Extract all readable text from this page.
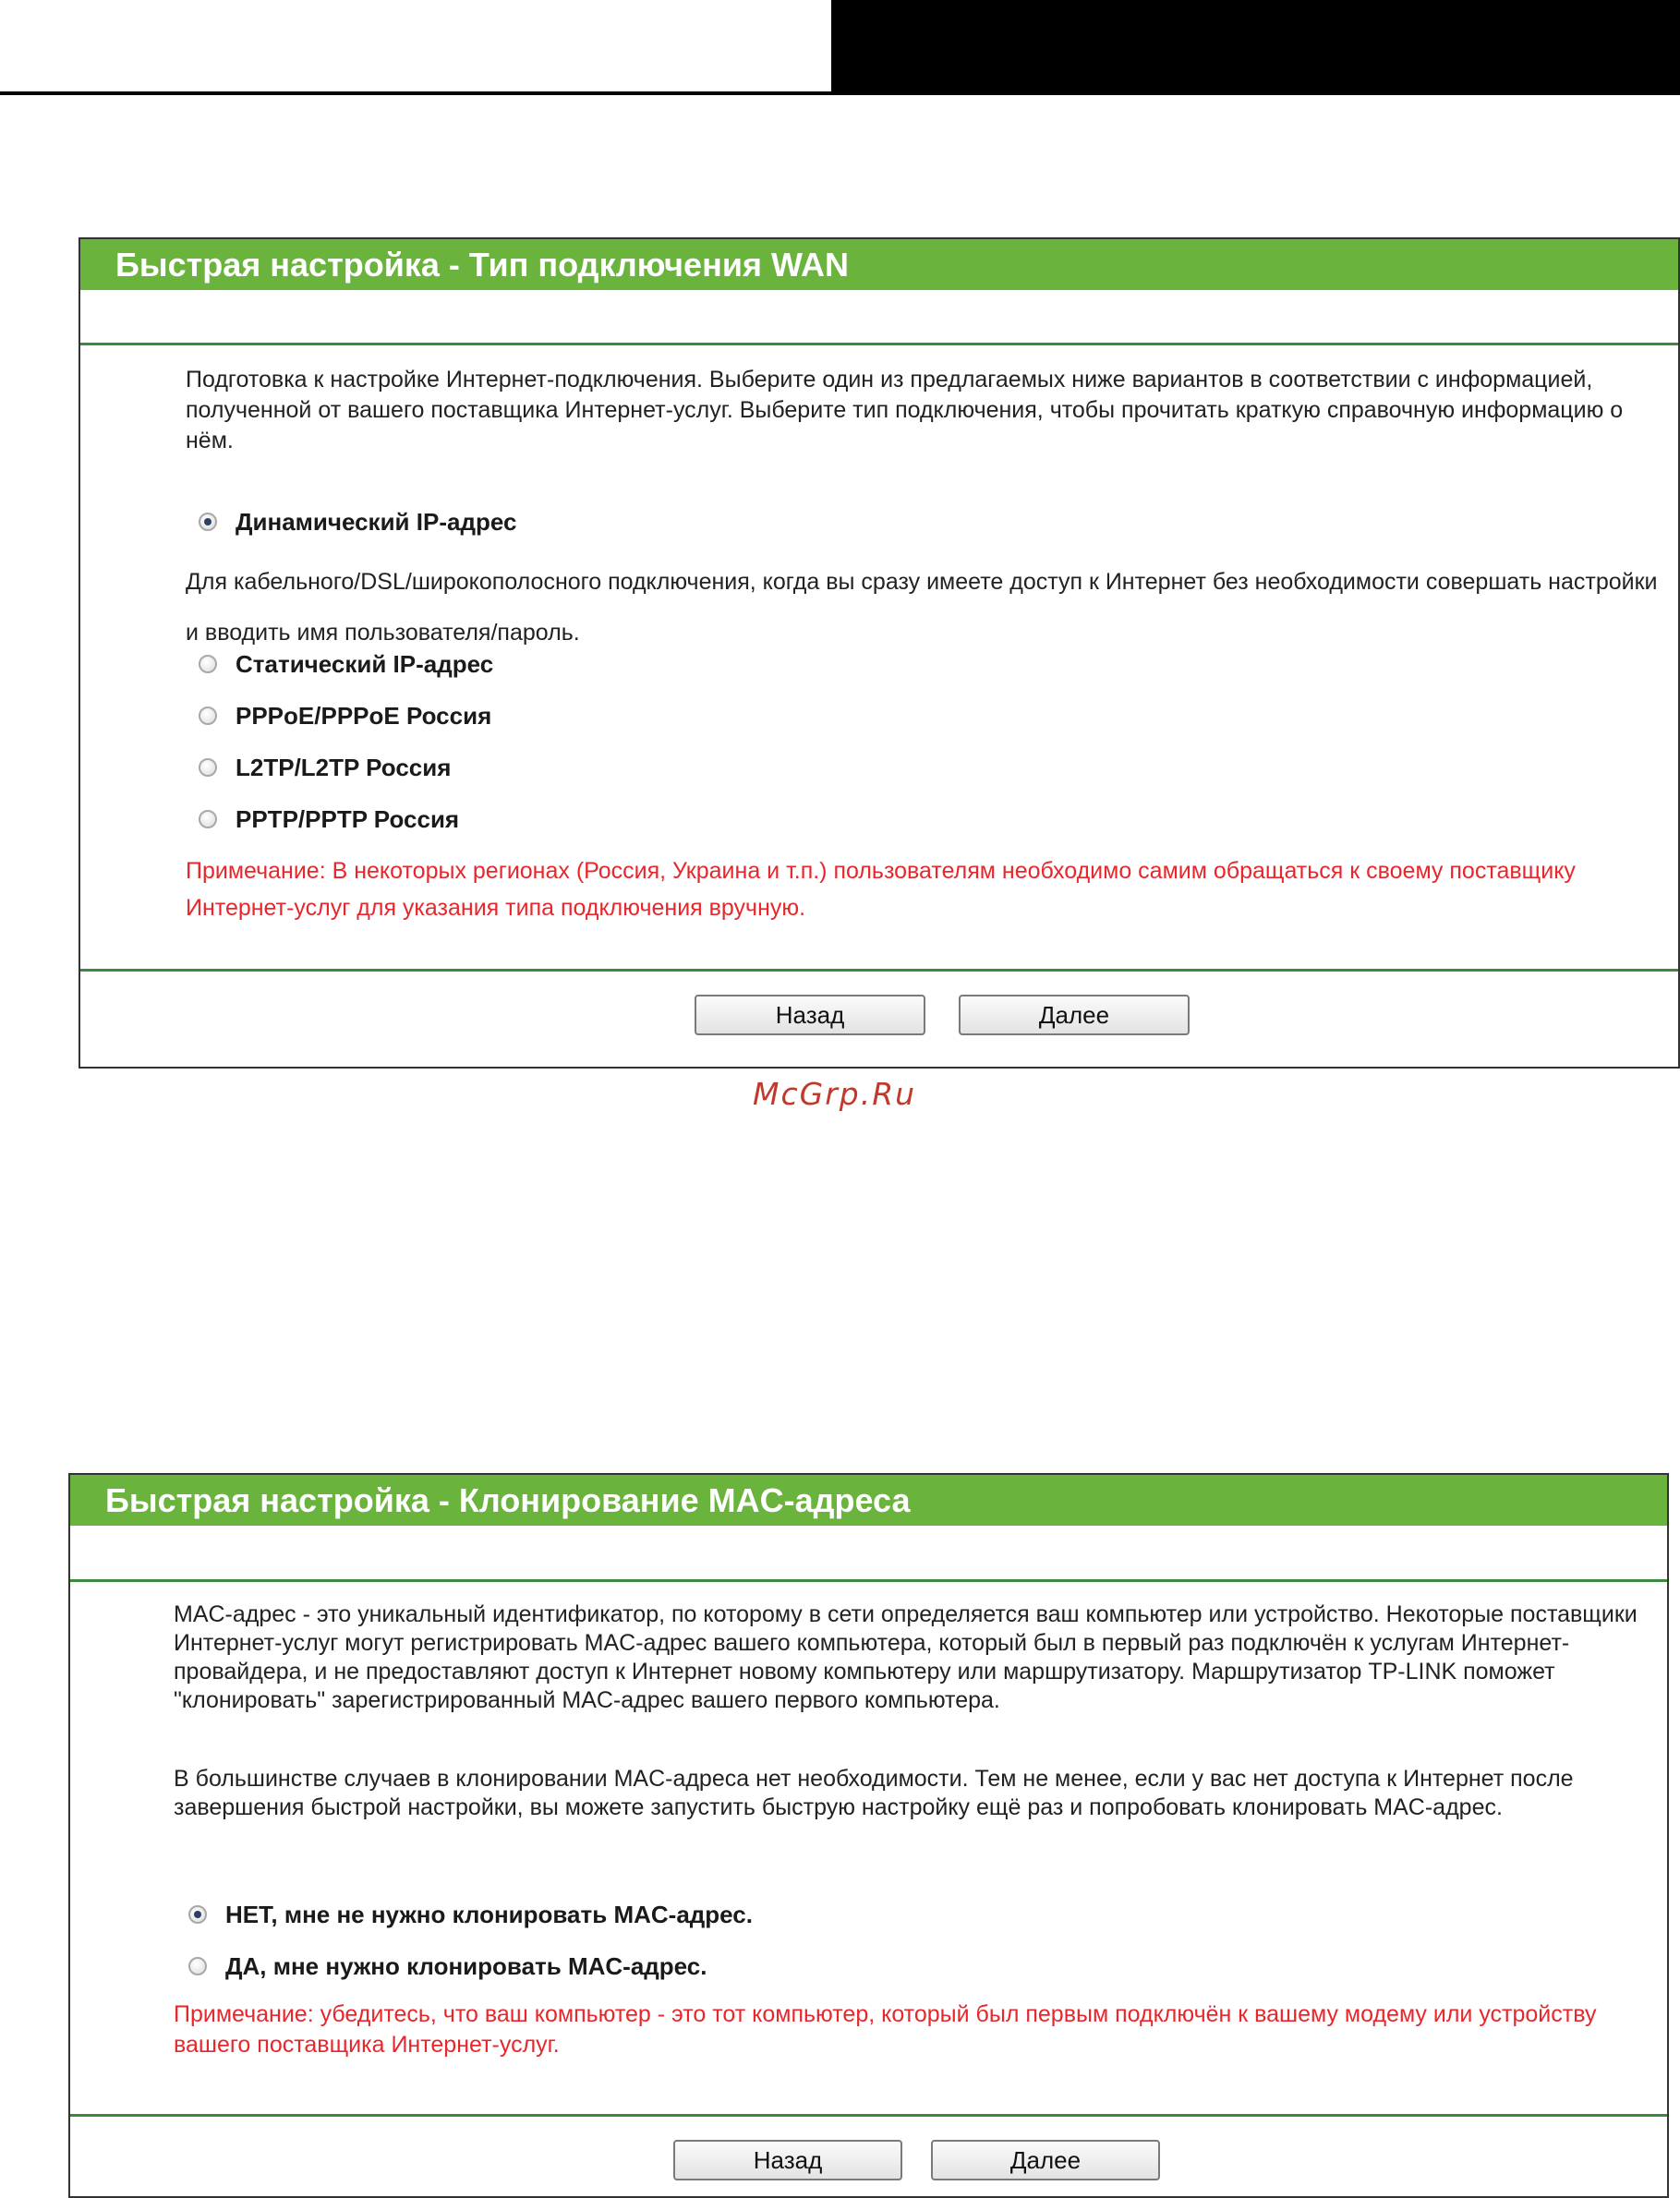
Быстрая настройка - Тип подключения WAN

Подготовка к настройке Интернет-подключения. Выберите один из предлагаемых ниже вариантов в соответствии с информацией, полученной от вашего поставщика Интернет-услуг. Выберите тип подключения, чтобы прочитать краткую справочную информацию о нём.

Динамический IP-адрес

Для кабельного/DSL/широкополосного подключения, когда вы сразу имеете доступ к Интернет без необходимости совершать настройки и вводить имя пользователя/пароль.

Статический IP-адрес
PPPoE/PPPoE Россия
L2TP/L2TP Россия
PPTP/PPTP Россия

Примечание: В некоторых регионах (Россия, Украина и т.п.) пользователям необходимо самим обращаться к своему поставщику Интернет-услуг для указания типа подключения вручную.

Назад	Далее
McGrp.Ru
Быстрая настройка - Клонирование MAC-адреса

MAC-адрес - это уникальный идентификатор, по которому в сети определяется ваш компьютер или устройство. Некоторые поставщики Интернет-услуг могут регистрировать MAC-адрес вашего компьютера, который был в первый раз подключён к услугам Интернет-провайдера, и не предоставляют доступ к Интернет новому компьютеру или маршрутизатору. Маршрутизатор TP-LINK поможет "клонировать" зарегистрированный MAC-адрес вашего первого компьютера.

В большинстве случаев в клонировании MAC-адреса нет необходимости. Тем не менее, если у вас нет доступа к Интернет после завершения быстрой настройки, вы можете запустить быструю настройку ещё раз и попробовать клонировать MAC-адрес.

НЕТ, мне не нужно клонировать MAC-адрес.
ДА, мне нужно клонировать MAC-адрес.

Примечание: убедитесь, что ваш компьютер - это тот компьютер, который был первым подключён к вашему модему или устройству вашего поставщика Интернет-услуг.

Назад	Далее
